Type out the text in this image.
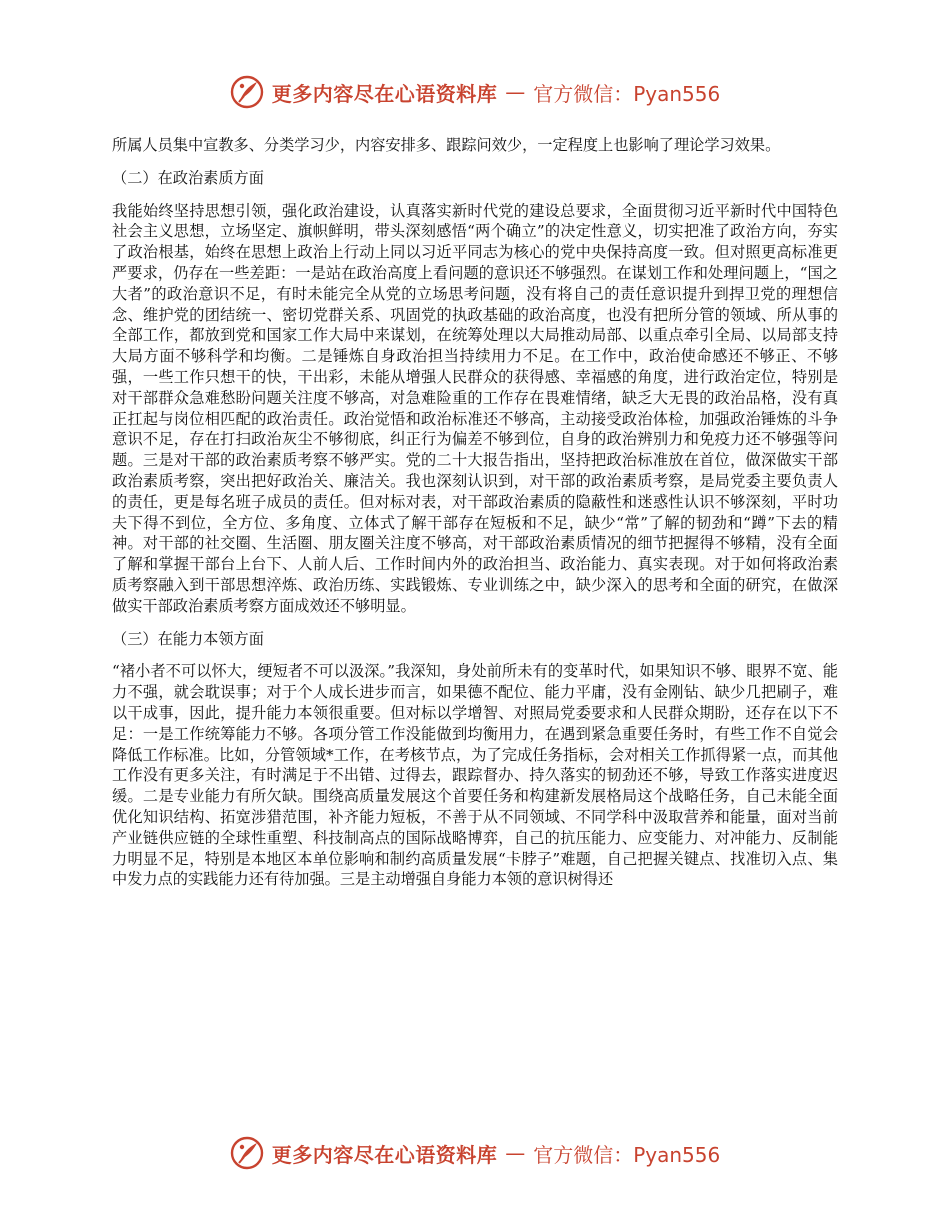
更多内容尽在心语资料库 — 官方微信：Pyan556

所属人员集中宣教多、分类学习少，内容安排多、跟踪问效少，一定程度上也影响了理论学习效果。

（二）在政治素质方面

我能始终坚持思想引领，强化政治建设，认真落实新时代党的建设总要求，全面贯彻习近平新时代中国特色社会主义思想，立场坚定、旗帜鲜明，带头深刻感悟“两个确立”的决定性意义，切实把准了政治方向，夯实了政治根基，始终在思想上政治上行动上同以习近平同志为核心的党中央保持高度一致。但对照更高标准更严要求，仍存在一些差距：一是站在政治高度上看问题的意识还不够强烈。在谋划工作和处理问题上，“国之大者”的政治意识不足，有时未能完全从党的立场思考问题，没有将自己的责任意识提升到捍卫党的理想信念、维护党的团结统一、密切党群关系、巩固党的执政基础的政治高度，也没有把所分管的领域、所从事的全部工作，都放到党和国家工作大局中来谋划，在统筹处理以大局推动局部、以重点牵引全局、以局部支持大局方面不够科学和均衡。二是锤炼自身政治担当持续用力不足。在工作中，政治使命感还不够正、不够强，一些工作只想干的快，干出彩，未能从增强人民群众的获得感、幸福感的角度，进行政治定位，特别是对干部群众急难愁盼问题关注度不够高，对急难险重的工作存在畏难情绪，缺乏大无畏的政治品格，没有真正扛起与岗位相匹配的政治责任。政治觉悟和政治标准还不够高，主动接受政治体检，加强政治锤炼的斗争意识不足，存在打扫政治灰尘不够彻底，纠正行为偏差不够到位，自身的政治辨别力和免疫力还不够强等问题。三是对干部的政治素质考察不够严实。党的二十大报告指出，坚持把政治标准放在首位，做深做实干部政治素质考察，突出把好政治关、廉洁关。我也深刻认识到，对干部的政治素质考察，是局党委主要负责人的责任，更是每名班子成员的责任。但对标对表，对干部政治素质的隐蔽性和迷惑性认识不够深刻，平时功夫下得不到位，全方位、多角度、立体式了解干部存在短板和不足，缺少“常”了解的韧劲和“蹲”下去的精神。对干部的社交圈、生活圈、朋友圈关注度不够高，对干部政治素质情况的细节把握得不够精，没有全面了解和掌握干部台上台下、人前人后、工作时间内外的政治担当、政治能力、真实表现。对于如何将政治素质考察融入到干部思想淬炼、政治历练、实践锻炼、专业训练之中，缺少深入的思考和全面的研究，在做深做实干部政治素质考察方面成效还不够明显。

（三）在能力本领方面

“褚小者不可以怀大，绠短者不可以汲深。”我深知，身处前所未有的变革时代，如果知识不够、眼界不宽、能力不强，就会耽误事；对于个人成长进步而言，如果德不配位、能力平庸，没有金刚钻、缺少几把刷子，难以干成事，因此，提升能力本领很重要。但对标以学增智、对照局党委要求和人民群众期盼，还存在以下不足：一是工作统筹能力不够。各项分管工作没能做到均衡用力，在遇到紧急重要任务时，有些工作不自觉会降低工作标准。比如，分管领域*工作，在考核节点，为了完成任务指标，会对相关工作抓得紧一点，而其他工作没有更多关注，有时满足于不出错、过得去，跟踪督办、持久落实的韧劲还不够，导致工作落实进度迟缓。二是专业能力有所欠缺。围绕高质量发展这个首要任务和构建新发展格局这个战略任务，自己未能全面优化知识结构、拓宽涉猎范围，补齐能力短板，不善于从不同领域、不同学科中汲取营养和能量，面对当前产业链供应链的全球性重塑、科技制高点的国际战略博弈，自己的抗压能力、应变能力、对冲能力、反制能力明显不足，特别是本地区本单位影响和制约高质量发展“卡脖子”难题，自己把握关键点、找准切入点、集中发力点的实践能力还有待加强。三是主动增强自身能力本领的意识树得还

更多内容尽在心语资料库 — 官方微信：Pyan556
